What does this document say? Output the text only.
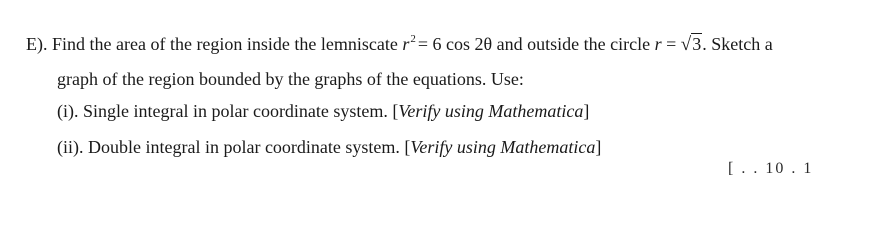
E). Find the area of the region inside the lemniscate $r^2 = 6$ cos 2θ and outside the circle r = √3. Sketch a
graph of the region bounded by the graphs of the equations. Use:
(i). Single integral in polar coordinate system. [Verify using Mathematica]
(ii). Double integral in polar coordinate system. [Verify using Mathematica]
[ . . 10 . 1
